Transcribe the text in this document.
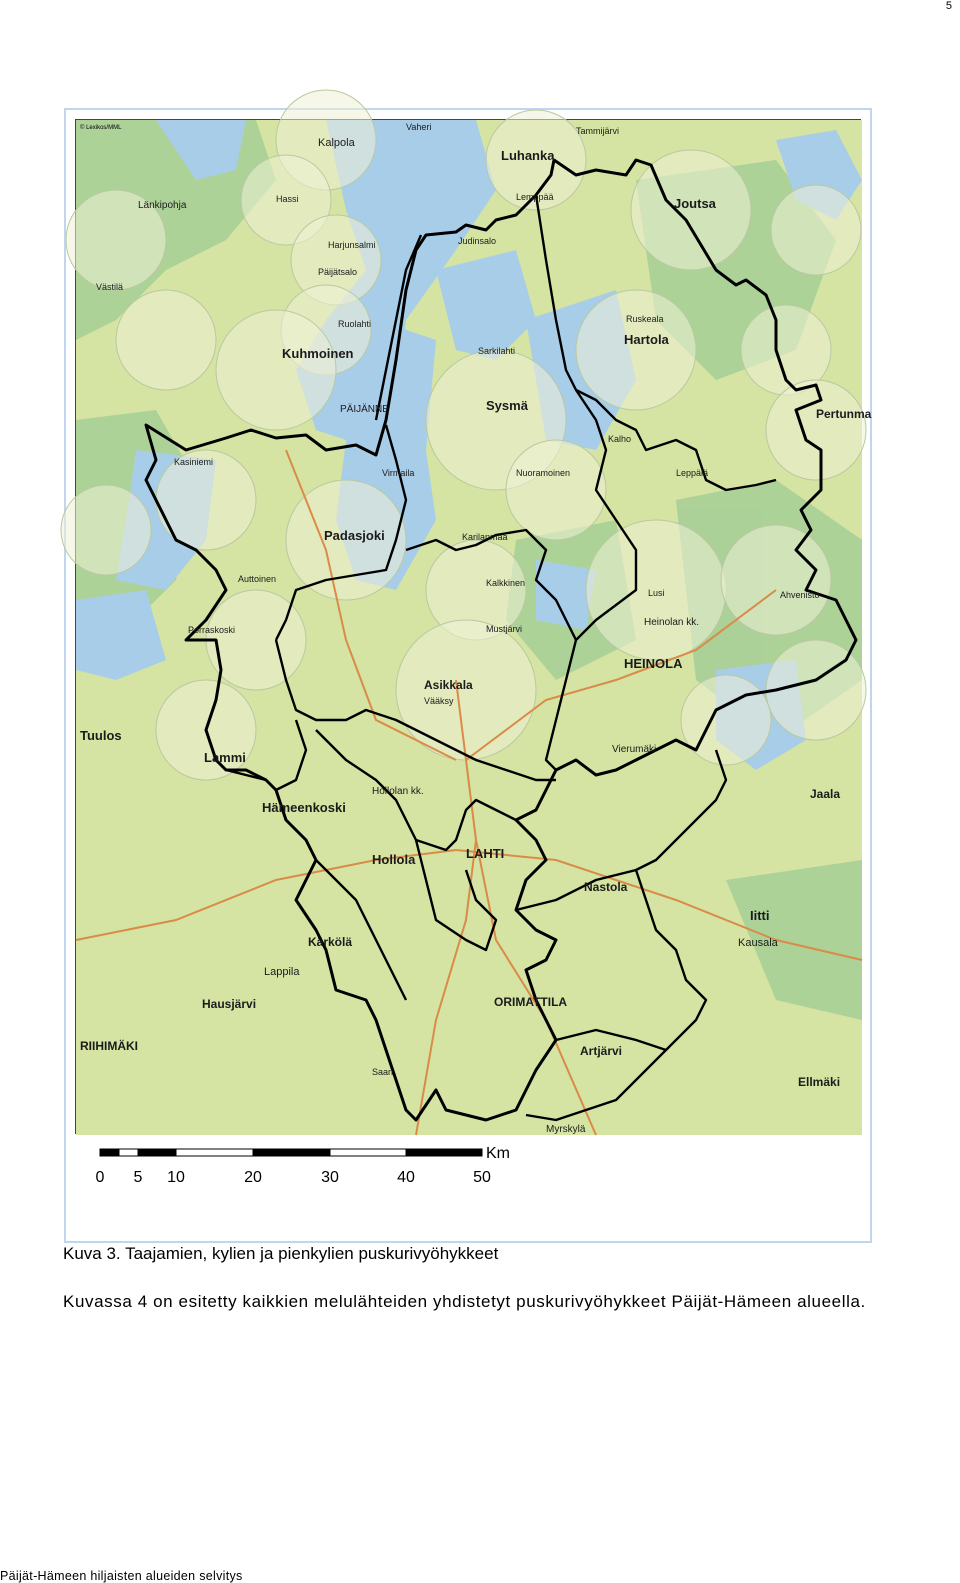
5
Vaheri
Kalpola
Luhanka
Tammijärvi
Joutsa
Länkipohja
Hassi
Harjunsalmi	Judinsalo
Lemppää
Västilä
Päijätsalo
Ruolahti
Sarkilahti
Ruskeala
Hartola
Kuhmoinen
Sysmä
PÄIJÄNNE	Pertunma
Kasiniemi
Virmaila	Nuoramoinen
Kalho
Leppälä
Padasjoki	Karilanmaa
Auttoinen	Kalkkinen
Lusi	Ahvenisto
Porraskoski	Mustjärvi
Heinolan kk.
HEINOLA
Asikkala
Vääksy
Tuulos
Lammi
Vierumäki
Jaala
Hämeenkoski
Hollolan kk.
LAHTI
Hollola
Nastola
Iitti
Kärkölä	Kausala
Lappila
Hausjärvi	ORIMATTILA
RIIHIMÄKI	Artjärvi
Ellmäki
Myrskylä
Saari
© Lexikos/MML
Km
0 5 10	20	30	40	50
Kuva 3. Taajamien, kylien ja pienkylien puskurivyöhykkeet
Kuvassa 4 on esitetty kaikkien melulähteiden yhdistetyt puskurivyöhykkeet Päijät-Hämeen alueella.
Päijät-Hämeen hiljaisten alueiden selvitys
